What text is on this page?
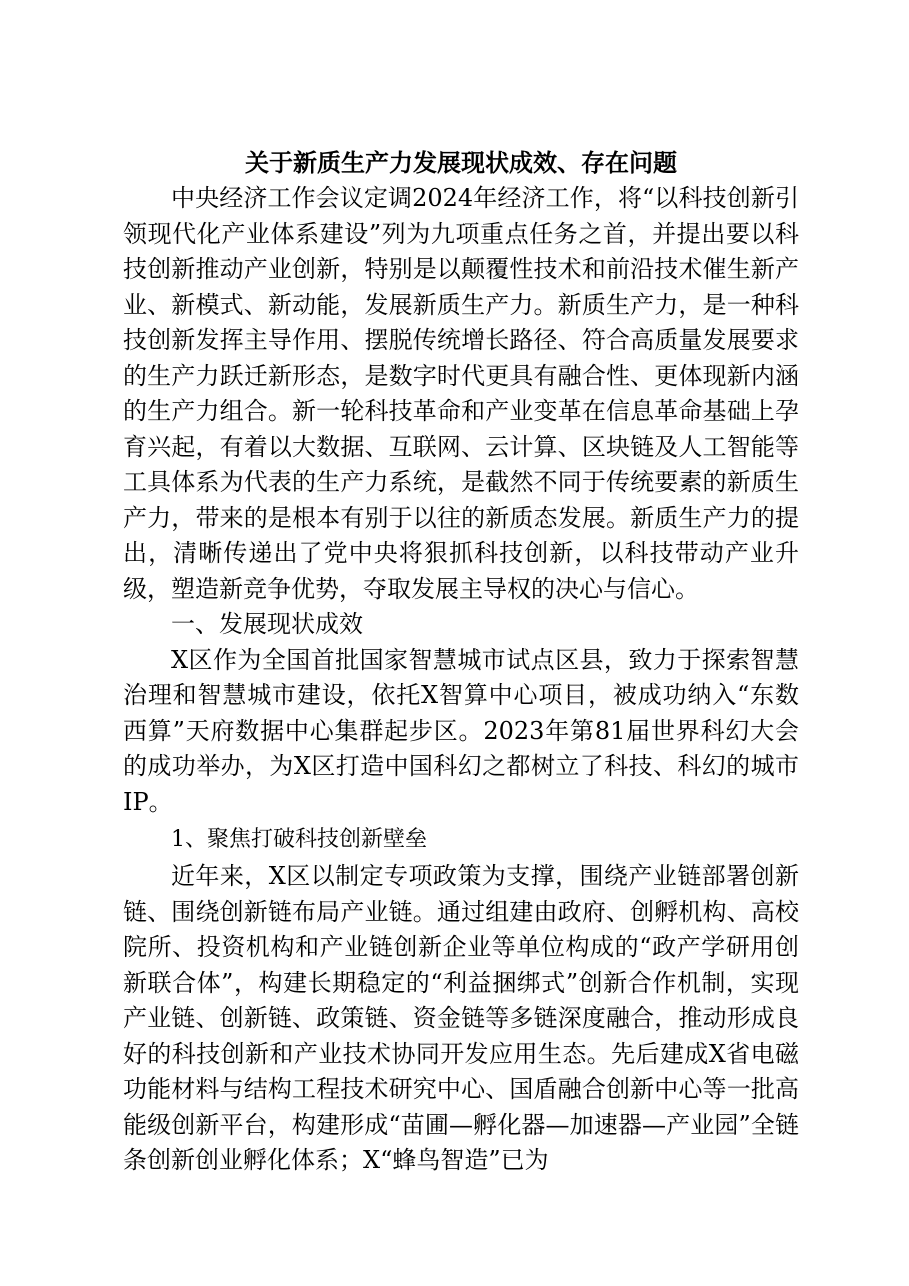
关于新质生产力发展现状成效、存在问题

中央经济工作会议定调2024年经济工作，将“以科技创新引领现代化产业体系建设”列为九项重点任务之首，并提出要以科技创新推动产业创新，特别是以颠覆性技术和前沿技术催生新产业、新模式、新动能，发展新质生产力。新质生产力，是一种科技创新发挥主导作用、摆脱传统增长路径、符合高质量发展要求的生产力跃迁新形态，是数字时代更具有融合性、更体现新内涵的生产力组合。新一轮科技革命和产业变革在信息革命基础上孕育兴起，有着以大数据、互联网、云计算、区块链及人工智能等工具体系为代表的生产力系统，是截然不同于传统要素的新质生产力，带来的是根本有别于以往的新质态发展。新质生产力的提出，清晰传递出了党中央将狠抓科技创新，以科技带动产业升级，塑造新竞争优势，夺取发展主导权的决心与信心。

一、发展现状成效

X区作为全国首批国家智慧城市试点区县，致力于探索智慧治理和智慧城市建设，依托X智算中心项目，被成功纳入“东数西算”天府数据中心集群起步区。2023年第81届世界科幻大会的成功举办，为X区打造中国科幻之都树立了科技、科幻的城市IP。

1、聚焦打破科技创新壁垒

近年来，X区以制定专项政策为支撑，围绕产业链部署创新链、围绕创新链布局产业链。通过组建由政府、创孵机构、高校院所、投资机构和产业链创新企业等单位构成的“政产学研用创新联合体”，构建长期稳定的“利益捆绑式”创新合作机制，实现产业链、创新链、政策链、资金链等多链深度融合，推动形成良好的科技创新和产业技术协同开发应用生态。先后建成X省电磁功能材料与结构工程技术研究中心、国盾融合创新中心等一批高能级创新平台，构建形成“苗圃—孵化器—加速器—产业园”全链条创新创业孵化体系；X“蜂鸟智造”已为
